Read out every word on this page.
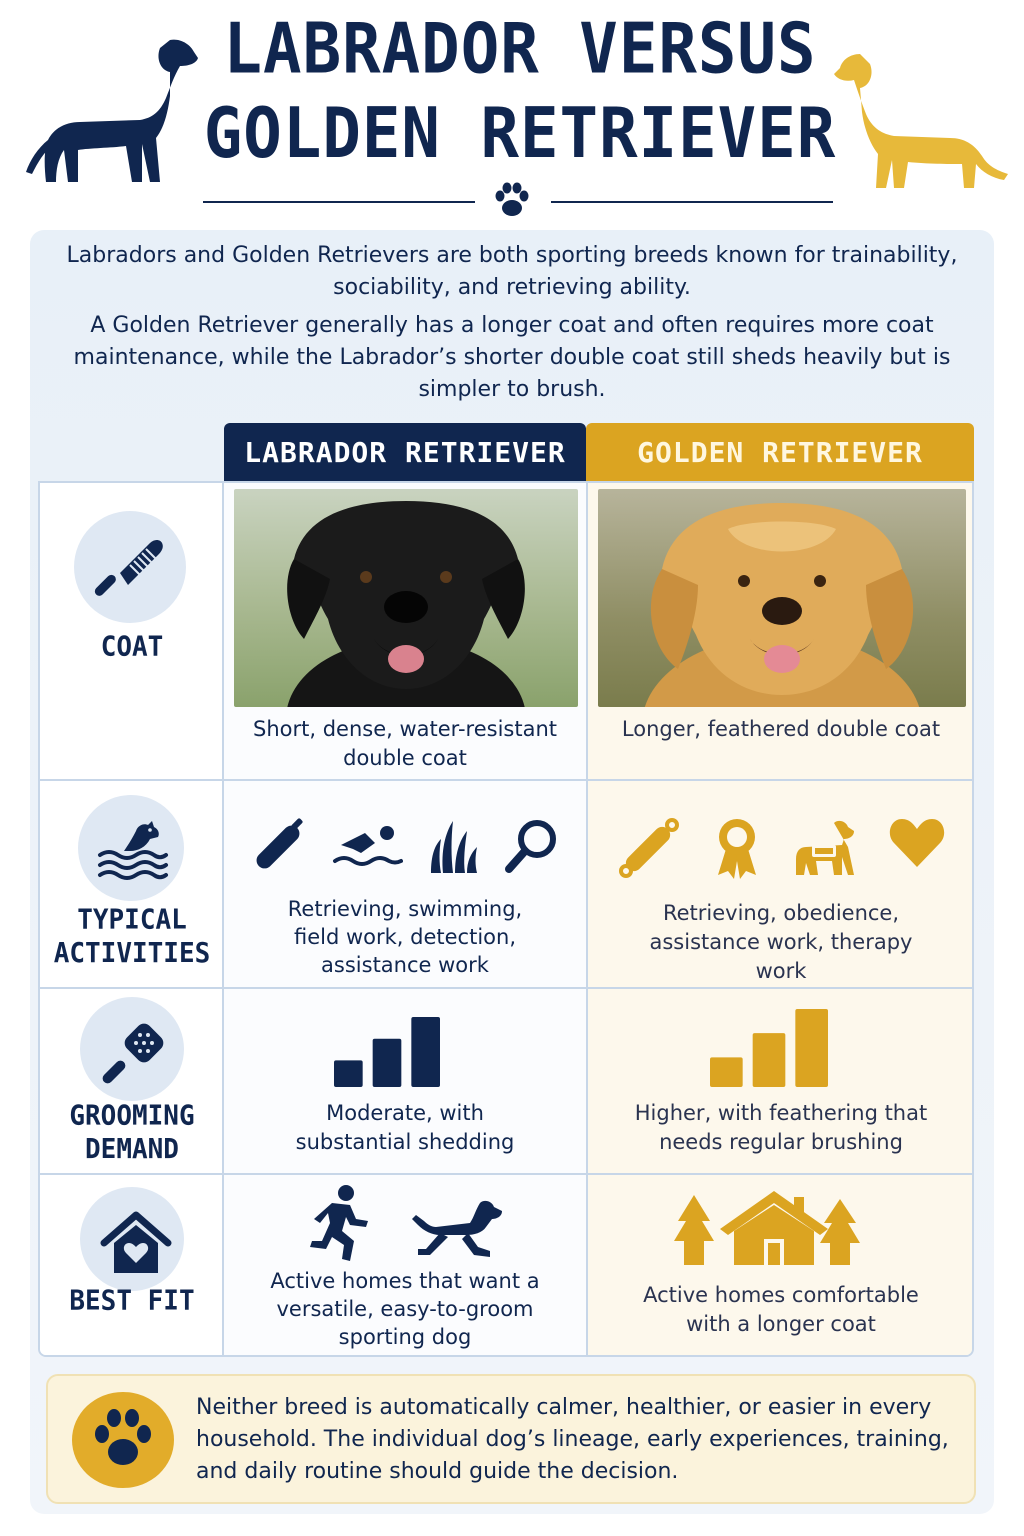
LABRADOR VERSUS
GOLDEN RETRIEVER

Labradors and Golden Retrievers are both sporting breeds known for trainability, sociability, and retrieving ability.

A Golden Retriever generally has a longer coat and often requires more coat maintenance, while the Labrador’s shorter double coat still sheds heavily but is simpler to brush.

LABRADOR RETRIEVER	GOLDEN RETRIEVER
COAT
Short, dense, water-resistant double coat
Longer, feathered double coat
TYPICAL ACTIVITIES
Retrieving, swimming, field work, detection, assistance work
Retrieving, obedience, assistance work, therapy work
GROOMING DEMAND
Moderate, with substantial shedding
Higher, with feathering that needs regular brushing
BEST FIT
Active homes that want a versatile, easy-to-groom sporting dog
Active homes comfortable with a longer coat
Neither breed is automatically calmer, healthier, or easier in every household. The individual dog’s lineage, early experiences, training, and daily routine should guide the decision.
